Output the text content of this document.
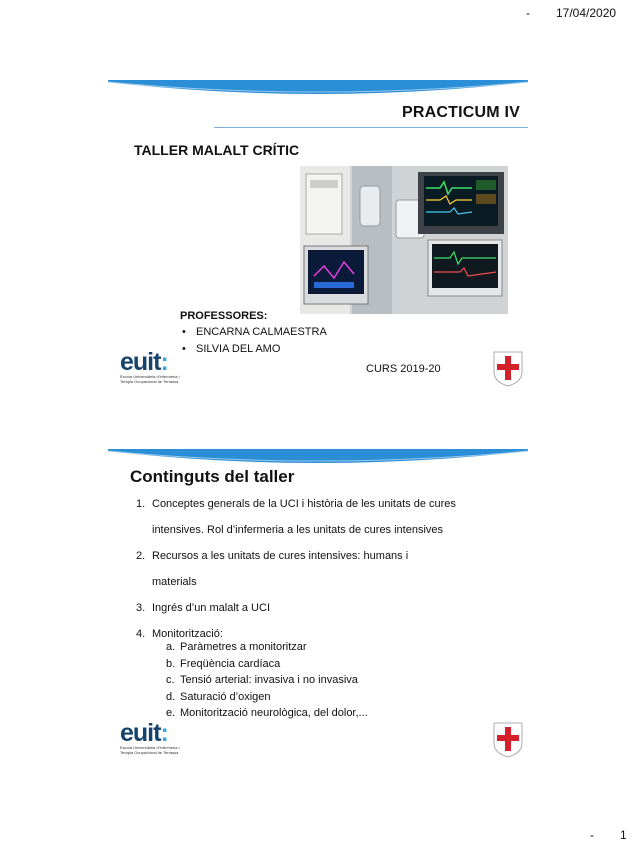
- 17/04/2020
- 1
PRACTICUM IV
TALLER MALALT CRÍTIC
PROFESSORES:
• ENCARNA CALMAESTRA
• SILVIA DEL AMO
CURS 2019-20
euit:
Escola Universitària d'Infermeria i Teràpia Ocupacional de Terrassa
Continguts del taller
1. Conceptes generals de la UCI i història de les unitats de cures
intensives. Rol d’infermeria a les unitats de cures intensives
2. Recursos a les unitats de cures intensives: humans i
materials
3. Ingrés d’un malalt a UCI
4. Monitorització:
a. Paràmetres a monitoritzar
b. Freqüència cardíaca
c. Tensió arterial: invasiva i no invasiva
d. Saturació d’oxigen
e. Monitorització neurològica, del dolor,...
euit:
Escola Universitària d'Infermeria i Teràpia Ocupacional de Terrassa
